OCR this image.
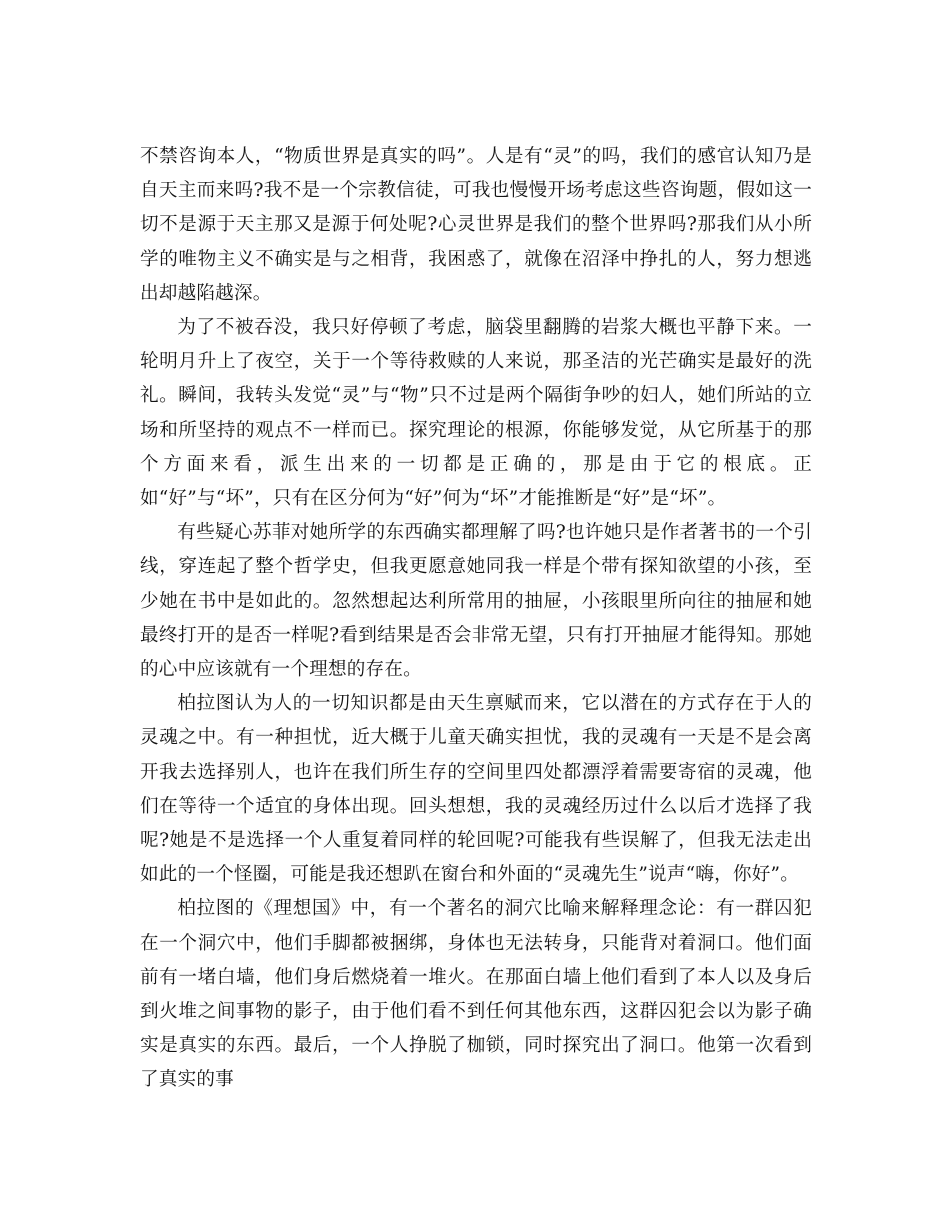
不禁咨询本人，“物质世界是真实的吗”。人是有“灵”的吗，我们的感官认知乃是自天主而来吗?我不是一个宗教信徒，可我也慢慢开场考虑这些咨询题，假如这一切不是源于天主那又是源于何处呢?心灵世界是我们的整个世界吗?那我们从小所学的唯物主义不确实是与之相背，我困惑了，就像在沼泽中挣扎的人，努力想逃出却越陷越深。

为了不被吞没，我只好停顿了考虑，脑袋里翻腾的岩浆大概也平静下来。一轮明月升上了夜空，关于一个等待救赎的人来说，那圣洁的光芒确实是最好的洗礼。瞬间，我转头发觉“灵”与“物”只不过是两个隔街争吵的妇人，她们所站的立场和所坚持的观点不一样而已。探究理论的根源，你能够发觉，从它所基于的那个方面来看，派生出来的一切都是正确的，那是由于它的根底。正如“好”与“坏”，只有在区分何为“好”何为“坏”才能推断是“好”是“坏”。

有些疑心苏菲对她所学的东西确实都理解了吗?也许她只是作者著书的一个引线，穿连起了整个哲学史，但我更愿意她同我一样是个带有探知欲望的小孩，至少她在书中是如此的。忽然想起达利所常用的抽屉，小孩眼里所向往的抽屉和她最终打开的是否一样呢?看到结果是否会非常无望，只有打开抽屉才能得知。那她的心中应该就有一个理想的存在。

柏拉图认为人的一切知识都是由天生禀赋而来，它以潜在的方式存在于人的灵魂之中。有一种担忧，近大概于儿童天确实担忧，我的灵魂有一天是不是会离开我去选择别人，也许在我们所生存的空间里四处都漂浮着需要寄宿的灵魂，他们在等待一个适宜的身体出现。回头想想，我的灵魂经历过什么以后才选择了我呢?她是不是选择一个人重复着同样的轮回呢?可能我有些误解了，但我无法走出如此的一个怪圈，可能是我还想趴在窗台和外面的“灵魂先生”说声“嗨，你好”。

柏拉图的《理想国》中，有一个著名的洞穴比喻来解释理念论：有一群囚犯在一个洞穴中，他们手脚都被捆绑，身体也无法转身，只能背对着洞口。他们面前有一堵白墙，他们身后燃烧着一堆火。在那面白墙上他们看到了本人以及身后到火堆之间事物的影子，由于他们看不到任何其他东西，这群囚犯会以为影子确实是真实的东西。最后，一个人挣脱了枷锁，同时探究出了洞口。他第一次看到了真实的事
